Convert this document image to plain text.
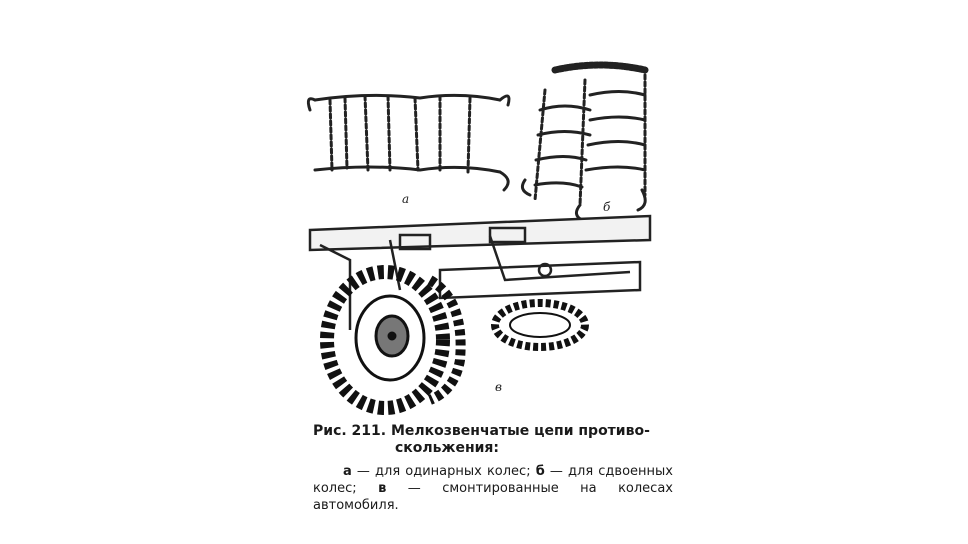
а
б
в

Рис. 211. Мелкозвенчатые цепи противо-
скольжения:

а — для одинарных колес; б — для сдвоенных колес; в — смонтированные на колесах автомобиля.
